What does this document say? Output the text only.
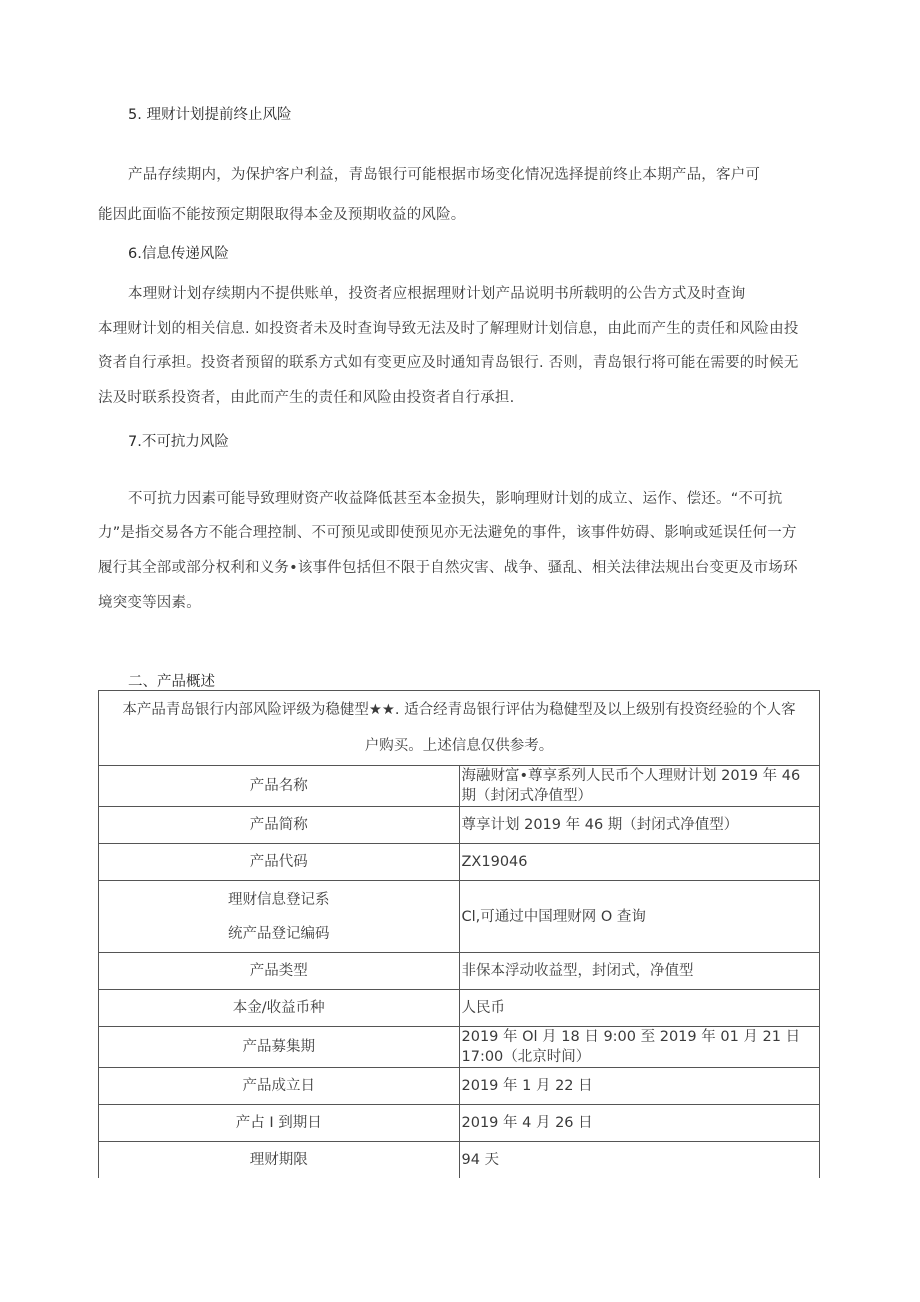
5. 理财计划提前终止风险
产品存续期内，为保护客户利益，青岛银行可能根据市场变化情况选择提前终止本期产品，客户可
能因此面临不能按预定期限取得本金及预期收益的风险。
6.信息传递风险
本理财计划存续期内不提供账单，投资者应根据理财计划产品说明书所载明的公告方式及时查询
本理财计划的相关信息. 如投资者未及时查询导致无法及时了解理财计划信息，由此而产生的责任和风险由投
资者自行承担。投资者预留的联系方式如有变更应及时通知青岛银行. 否则，青岛银行将可能在需要的时候无
法及时联系投资者，由此而产生的责任和风险由投资者自行承担.
7.不可抗力风险
不可抗力因素可能导致理财资产收益降低甚至本金损失，影响理财计划的成立、运作、偿还。“不可抗
力”是指交易各方不能合理控制、不可预见或即使预见亦无法避免的事件，该事件妨碍、影响或延误任何一方
履行其全部或部分权利和义务•该事件包括但不限于自然灾害、战争、骚乱、相关法律法规出台变更及市场环
境突变等因素。
二、产品概述
本产品青岛银行内部风险评级为稳健型★★. 适合经青岛银行评估为稳健型及以上级别有投资经验的个人客
户购买。上述信息仅供参考。	

产品名称	海融财富•尊享系列人民币个人理财计划 2019 年 46 期（封闭式净值型）
产品简称	尊享计划 2019 年 46 期（封闭式净值型）
产品代码	ZX19046

理财信息登记系
统产品登记编码	Cl,可通过中国理财网 O 查询
产品类型	非保本浮动收益型，封闭式，净值型
本金/收益币种	人民币
产品募集期	2019 年 Ol 月 18 日 9:00 至 2019 年 01 月 21 日 17:00（北京时间）
产品成立日	2019 年 1 月 22 日
产占 I 到期日	2019 年 4 月 26 日
理财期限	94 天
